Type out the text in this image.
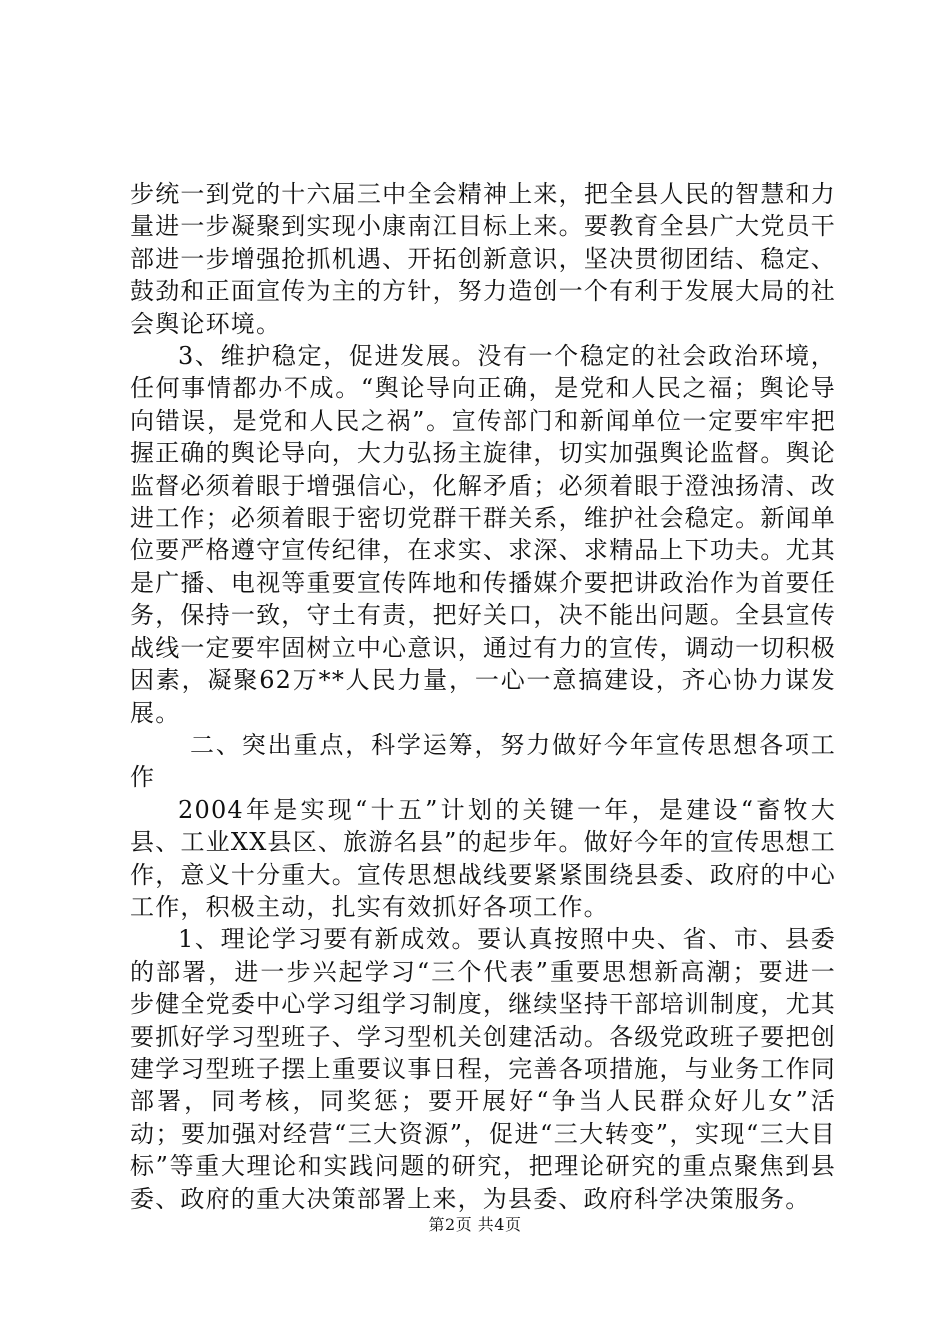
步统一到党的十六届三中全会精神上来，把全县人民的智慧和力量进一步凝聚到实现小康南江目标上来。要教育全县广大党员干部进一步增强抢抓机遇、开拓创新意识，坚决贯彻团结、稳定、鼓劲和正面宣传为主的方针，努力造创一个有利于发展大局的社会舆论环境。

3、维护稳定，促进发展。没有一个稳定的社会政治环境，任何事情都办不成。“舆论导向正确，是党和人民之福；舆论导向错误，是党和人民之祸”。宣传部门和新闻单位一定要牢牢把握正确的舆论导向，大力弘扬主旋律，切实加强舆论监督。舆论监督必须着眼于增强信心，化解矛盾；必须着眼于澄浊扬清、改进工作；必须着眼于密切党群干群关系，维护社会稳定。新闻单位要严格遵守宣传纪律，在求实、求深、求精品上下功夫。尤其是广播、电视等重要宣传阵地和传播媒介要把讲政治作为首要任务，保持一致，守土有责，把好关口，决不能出问题。全县宣传战线一定要牢固树立中心意识，通过有力的宣传，调动一切积极因素，凝聚62万**人民力量，一心一意搞建设，齐心协力谋发展。

二、突出重点，科学运筹，努力做好今年宣传思想各项工作

2004年是实现“十五”计划的关键一年，是建设“畜牧大县、工业XX县区、旅游名县”的起步年。做好今年的宣传思想工作，意义十分重大。宣传思想战线要紧紧围绕县委、政府的中心工作，积极主动，扎实有效抓好各项工作。

1、理论学习要有新成效。要认真按照中央、省、市、县委的部署，进一步兴起学习“三个代表”重要思想新高潮；要进一步健全党委中心学习组学习制度，继续坚持干部培训制度，尤其要抓好学习型班子、学习型机关创建活动。各级党政班子要把创建学习型班子摆上重要议事日程，完善各项措施，与业务工作同部署，同考核，同奖惩；要开展好“争当人民群众好儿女”活动；要加强对经营“三大资源”，促进“三大转变”，实现“三大目标”等重大理论和实践问题的研究，把理论研究的重点聚焦到县委、政府的重大决策部署上来，为县委、政府科学决策服务。

第2页 共4页
